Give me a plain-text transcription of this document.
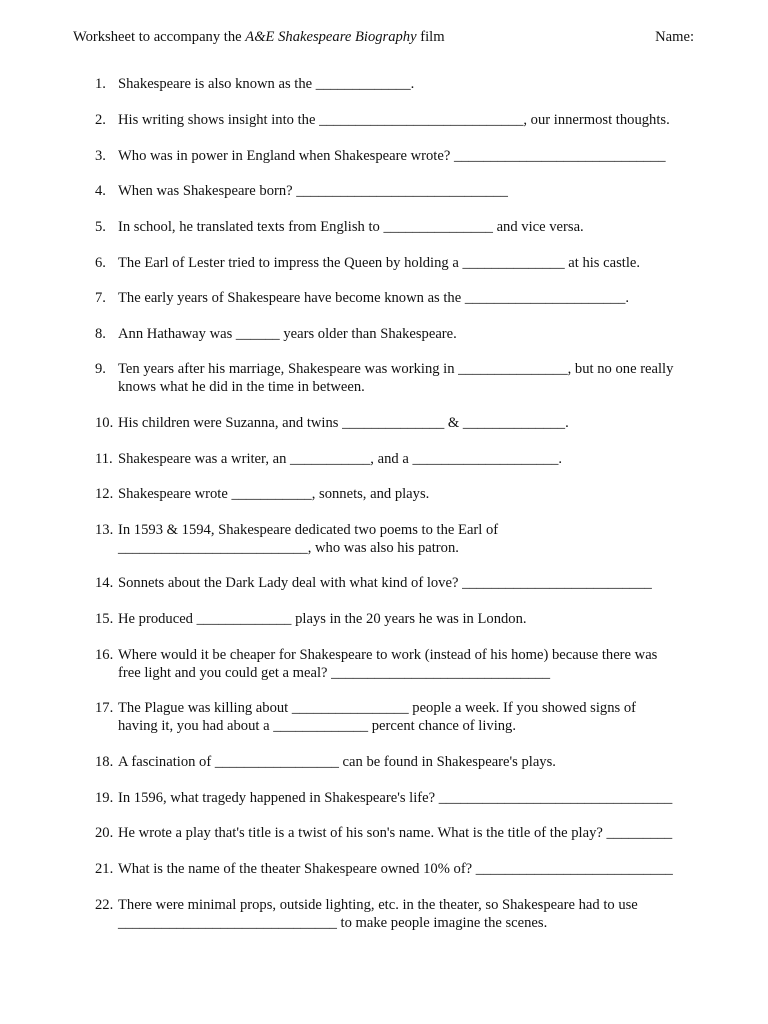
Worksheet to accompany the A&E Shakespeare Biography film	Name:
1. Shakespeare is also known as the _____________.
2. His writing shows insight into the ____________________________, our innermost thoughts.
3. Who was in power in England when Shakespeare wrote? _____________________________
4. When was Shakespeare born? _____________________________
5. In school, he translated texts from English to _______________ and vice versa.
6. The Earl of Lester tried to impress the Queen by holding a ______________ at his castle.
7. The early years of Shakespeare have become known as the ______________________.
8. Ann Hathaway was ______ years older than Shakespeare.
9. Ten years after his marriage, Shakespeare was working in _______________, but no one really
knows what he did in the time in between.
10. His children were Suzanna, and twins ______________ & ______________.
11. Shakespeare was a writer, an ___________, and a ____________________.
12. Shakespeare wrote ___________, sonnets, and plays.
13. In 1593 & 1594, Shakespeare dedicated two poems to the Earl of
__________________________, who was also his patron.
14. Sonnets about the Dark Lady deal with what kind of love? __________________________
15. He produced _____________ plays in the 20 years he was in London.
16. Where would it be cheaper for Shakespeare to work (instead of his home) because there was
free light and you could get a meal? ______________________________
17. The Plague was killing about ________________ people a week. If you showed signs of
having it, you had about a _____________ percent chance of living.
18. A fascination of _________________ can be found in Shakespeare's plays.
19. In 1596, what tragedy happened in Shakespeare's life? ________________________________
20. He wrote a play that's title is a twist of his son's name. What is the title of the play? _________
21. What is the name of the theater Shakespeare owned 10% of? ___________________________
22. There were minimal props, outside lighting, etc. in the theater, so Shakespeare had to use
______________________________ to make people imagine the scenes.
